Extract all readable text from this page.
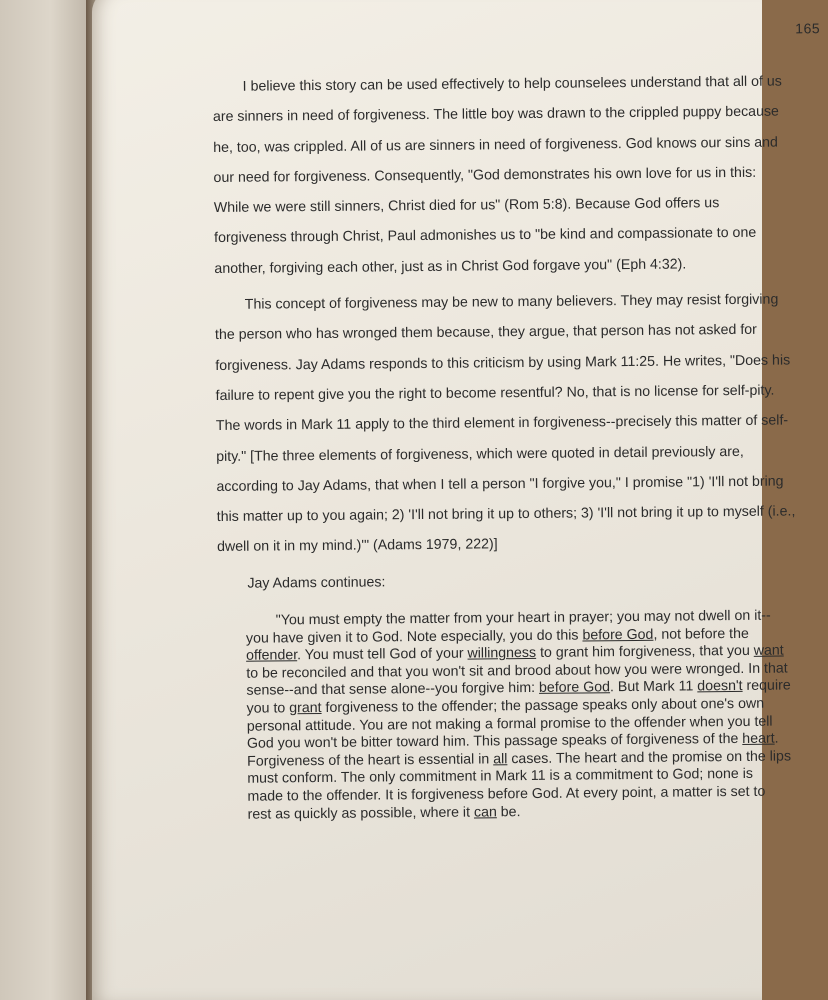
165

I believe this story can be used effectively to help counselees understand that all of us are sinners in need of forgiveness. The little boy was drawn to the crippled puppy because he, too, was crippled. All of us are sinners in need of forgiveness. God knows our sins and our need for forgiveness. Consequently, "God demonstrates his own love for us in this: While we were still sinners, Christ died for us" (Rom 5:8). Because God offers us forgiveness through Christ, Paul admonishes us to "be kind and compassionate to one another, forgiving each other, just as in Christ God forgave you" (Eph 4:32).

This concept of forgiveness may be new to many believers. They may resist forgiving the person who has wronged them because, they argue, that person has not asked for forgiveness. Jay Adams responds to this criticism by using Mark 11:25. He writes, "Does his failure to repent give you the right to become resentful? No, that is no license for self-pity. The words in Mark 11 apply to the third element in forgiveness--precisely this matter of self-pity." [The three elements of forgiveness, which were quoted in detail previously are, according to Jay Adams, that when I tell a person "I forgive you," I promise "1) 'I'll not bring this matter up to you again; 2) 'I'll not bring it up to others; 3) 'I'll not bring it up to myself (i.e., dwell on it in my mind.)'" (Adams 1979, 222)]

Jay Adams continues:

"You must empty the matter from your heart in prayer; you may not dwell on it--you have given it to God. Note especially, you do this before God, not before the offender. You must tell God of your willingness to grant him forgiveness, that you want to be reconciled and that you won't sit and brood about how you were wronged. In that sense--and that sense alone--you forgive him: before God. But Mark 11 doesn't require you to grant forgiveness to the offender; the passage speaks only about one's own personal attitude. You are not making a formal promise to the offender when you tell God you won't be bitter toward him. This passage speaks of forgiveness of the heart. Forgiveness of the heart is essential in all cases. The heart and the promise on the lips must conform. The only commitment in Mark 11 is a commitment to God; none is made to the offender. It is forgiveness before God. At every point, a matter is set to rest as quickly as possible, where it can be.
